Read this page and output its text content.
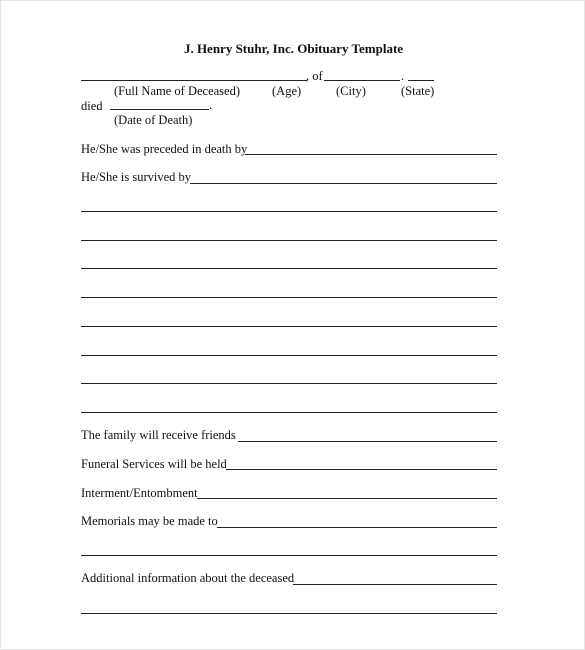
J. Henry Stuhr, Inc. Obituary Template
, of	.
(Full Name of Deceased)	(Age)	(City)	(State)
died	.
(Date of Death)
He/She was preceded in death by
He/She is survived by
The family will receive friends
Funeral Services will be held
Interment/Entombment
Memorials may be made to
Additional information about the deceased
